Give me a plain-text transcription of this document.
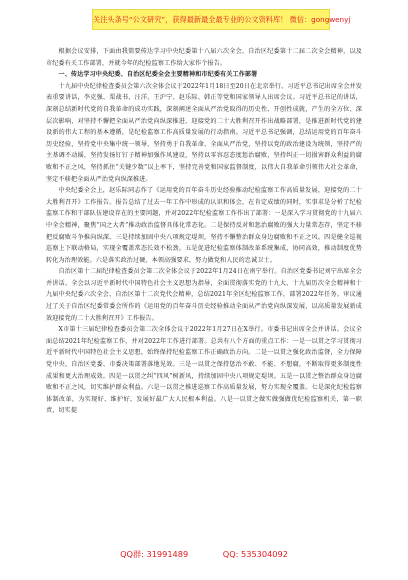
关注头条号“公文研究”，获得最新最全最专业的公文资料库！ 微信：gongwenyj

根据会议安排，下面由我简要传达学习中央纪委第十八届六次全会、自治区纪委第十二届二次全会精神，以及市纪委有关工作部署，并就今年的纪检监察工作给大家作个报告。

一、传达学习中央纪委、自治区纪委全会主要精神和市纪委有关工作部署

十九届中央纪律检查委员会第六次全体会议于2022年1月18日至20日在北京举行。习近平总书记出席全会并发表重要讲话，李克强、栗战书、汪洋、王沪宁、赵乐际、韩正等党和国家领导人出席会议。习近平总书记的讲话，深刻总结新时代党的自我革命的成功实践，深刻阐述全面从严治党取得的历史性、开创性成就，产生的全方位、深层次影响，对坚持不懈把全面从严治党向纵深推进、迎接党的二十大胜利召开作出战略部署，是推进新时代党的建设新的伟大工程的基本遵循，是纪检监察工作高质量发展的行动指南。习近平总书记强调，总结运用党的百年奋斗历史经验，坚持党中央集中统一领导，坚持勇于自我革命、全面从严治党，坚持以党的政治建设为统领，坚持严的主基调不动摇，坚持发扬钉钉子精神加强作风建设，坚持以零容忍态度惩治腐败，坚持纠正一切损害群众利益的腐败和不正之风，坚持抓住“关键少数”以上率下，坚持完善党和国家监督制度，以伟大自我革命引领伟大社会革命，坚定不移把全面从严治党向纵深推进。

中央纪委全会上，赵乐际同志作了《运用党的百年奋斗历史经验推动纪检监察工作高质量发展，迎接党的二十大胜利召开》工作报告。报告总结了过去一年工作中形成的认识和体会，在肯定成绩的同时，实事求是分析了纪检监察工作和干部队伍建设存在的主要问题，并对2022年纪检监察工作作出了部署：一是深入学习贯彻党的十九届六中全会精神，聚焦“国之大者”推动政治监督具体化常态化。二是保持反对和惩治腐败的强大力量常态存，坚定不移把反腐败斗争推向纵深。三是持续加固中央八项规定堤坝，坚持不懈整治群众身边腐败和不正之风。四是健全巡视巡察上下联动格局，实现全覆盖常态长效不松劲。五是促进纪检监察体制改革系统集成、协同高效，推动制度优势转化为治理效能。六是落实政治过硬、本领高强要求，努力做党和人民的忠诚卫士。

自治区第十二届纪律检查委员会第二次全体会议于2022年1月24日在南宁举行。自治区党委书记刘宁出席全会并讲话。全会以习近平新时代中国特色社会主义思想为指导，全面贯彻落实党的十九大、十九届历次全会精神和十九届中央纪委六次全会、自治区第十二次党代会精神，总结2021年全区纪检监察工作，部署2022年任务。审议通过了关于自治区纪委常委会所作的《运用党的百年奋斗历史经验推动全面从严治党向纵深发展，以高质量发展新成效迎接党的二十大胜利召开》工作报告。

X市第十三届纪律检查委员会第二次全体会议于2022年1月27日在X举行。市委书记出席全会并讲话。会议全面总结2021年纪检监察工作，并对2022年工作进行部署。总共有八个方面的重点工作：一是一以贯之学习贯彻习近平新时代中国特色社会主义思想，始终保持纪检监察工作正确政治方向。二是一以贯之强化政治监督，全力保障党中央、自治区党委、市委决策部署落地见效。三是一以贯之保持惩治不敢、不能、不想腐，不断取得更多制度性成果和更大治理成效。四是一以贯之纠“四风”树新风，持续加固中央八项规定堤坝。五是一以贯之整治群众身边腐败和不正之风，切实维护群众利益。六是一以贯之推进巡察工作高质量发展，努力实现全覆盖。七是深化纪检监察体制改革，为实现好、维护好、发展好最广大人民根本利益。八是一以贯之做实做强做优纪检监察机关，第一职责，切实提

QQ群: 31991489	QQ: 535304092
